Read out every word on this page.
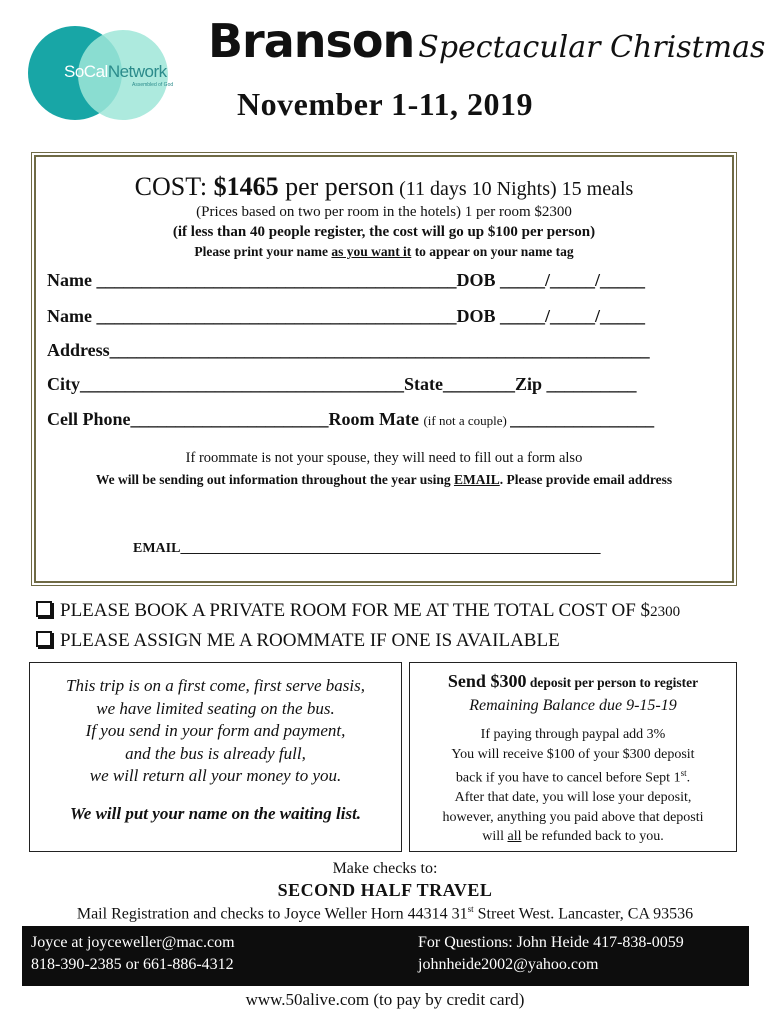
SoCalNetwork
Assembled of God
Branson Spectacular Christmas
November 1-11, 2019
COST: $1465 per person (11 days 10 Nights) 15 meals
(Prices based on two per room in the hotels) 1 per room $2300
(if less than 40 people register, the cost will go up $100 per person)
Please print your name as you want it to appear on your name tag
Name ________________________________________DOB _____/_____/_____
Name ________________________________________DOB _____/_____/_____
Address____________________________________________________________
City____________________________________State________Zip __________
Cell Phone______________________Room Mate (if not a couple) ________________
If roommate is not your spouse, they will need to fill out a form also
We will be sending out information throughout the year using EMAIL. Please provide email address
EMAIL____________________________________________________________
PLEASE BOOK A PRIVATE ROOM FOR ME AT THE TOTAL COST OF $2300
PLEASE ASSIGN ME A ROOMMATE IF ONE IS AVAILABLE

This trip is on a first come, first serve basis,
we have limited seating on the bus.
If you send in your form and payment,
and the bus is already full,
we will return all your money to you.

We will put your name on the waiting list.

Send $300 deposit per person to register
Remaining Balance due 9-15-19
If paying through paypal add 3%
You will receive $100 of your $300 deposit
back if you have to cancel before Sept 1st.
After that date, you will lose your deposit,
however, anything you paid above that deposti
will all be refunded back to you.
Make checks to:
SECOND HALF TRAVEL
Mail Registration and checks to Joyce Weller Horn 44314 31st Street West. Lancaster, CA 93536
Joyce at joyceweller@mac.com
818-390-2385 or 661-886-4312
For Questions: John Heide 417-838-0059
johnheide2002@yahoo.com
www.50alive.com (to pay by credit card)
